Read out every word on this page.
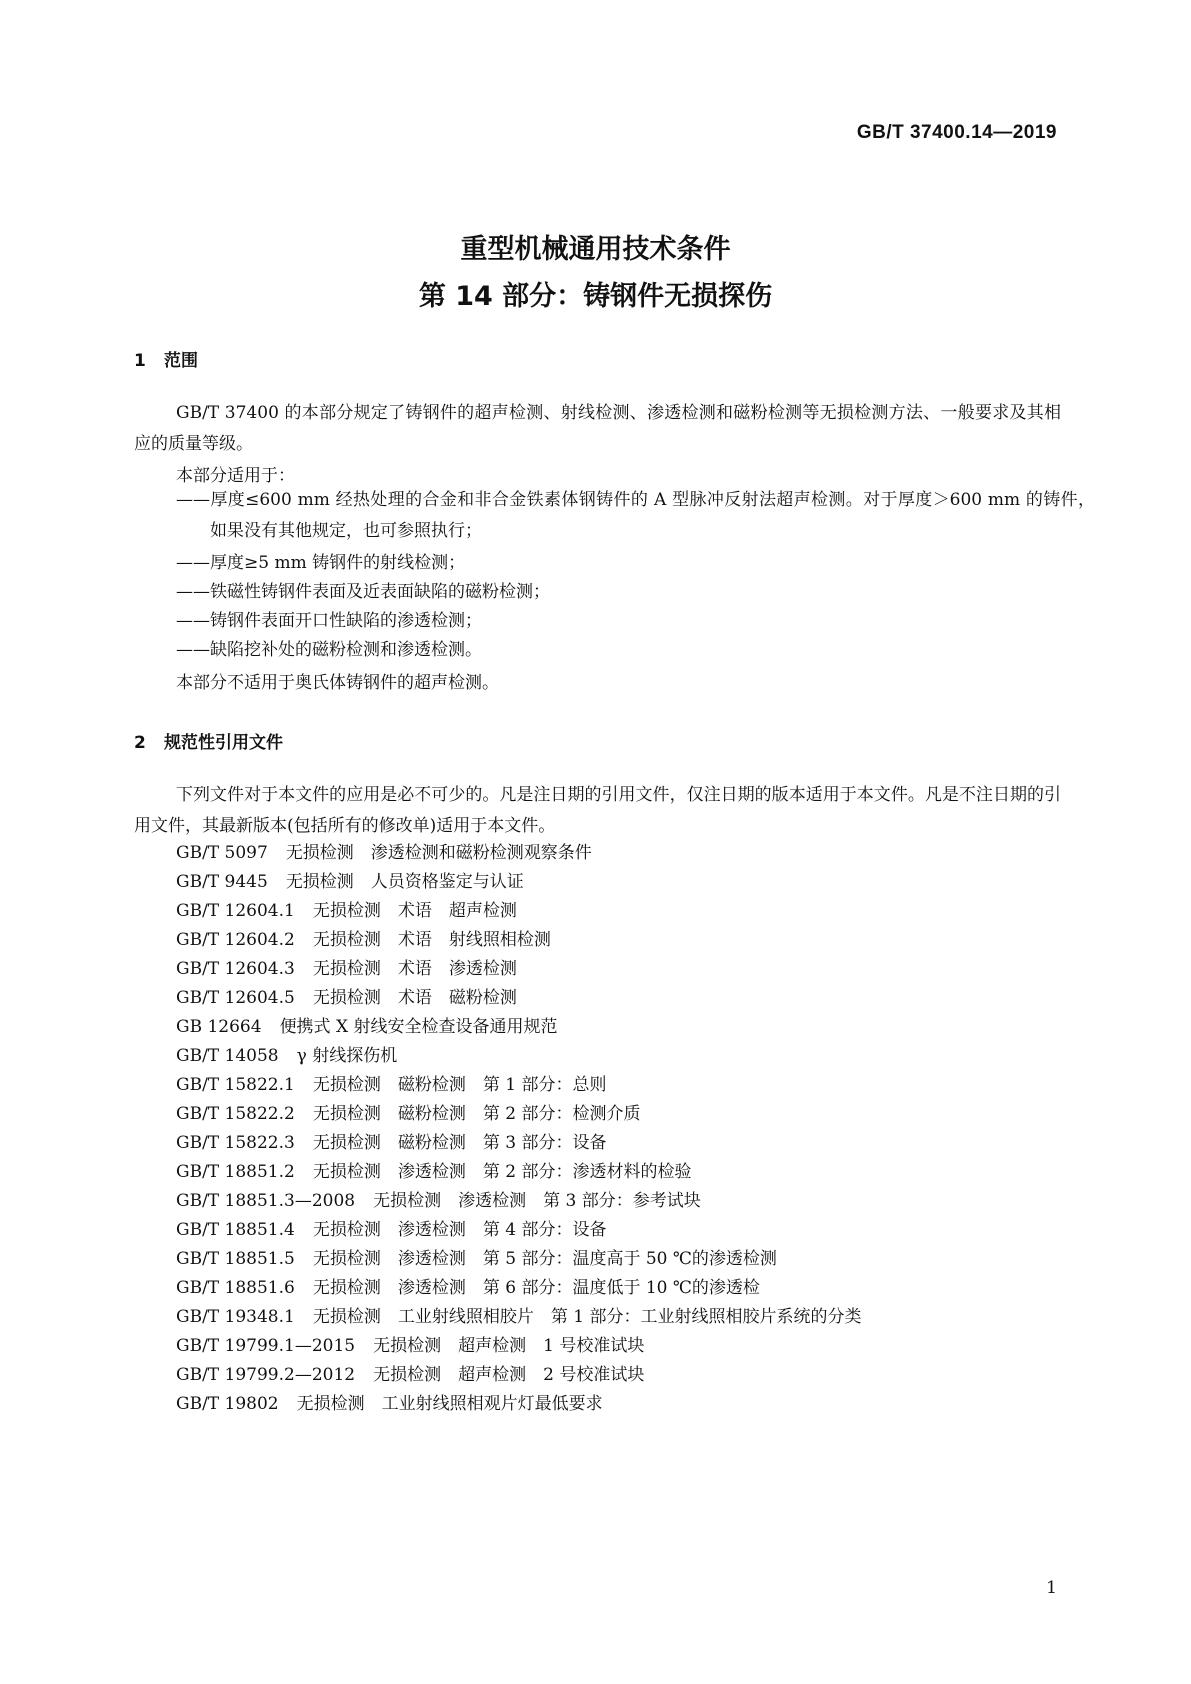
GB/T 37400.14—2019
重型机械通用技术条件
第 14 部分：铸钢件无损探伤
1 范围
GB/T 37400 的本部分规定了铸钢件的超声检测、射线检测、渗透检测和磁粉检测等无损检测方法、一般要求及其相应的质量等级。
本部分适用于：
——厚度≤600 mm 经热处理的合金和非合金铁素体钢铸件的 A 型脉冲反射法超声检测。对于厚度＞600 mm 的铸件，如果没有其他规定，也可参照执行；
——厚度≥5 mm 铸钢件的射线检测；
——铁磁性铸钢件表面及近表面缺陷的磁粉检测；
——铸钢件表面开口性缺陷的渗透检测；
——缺陷挖补处的磁粉检测和渗透检测。
本部分不适用于奥氏体铸钢件的超声检测。
2 规范性引用文件
下列文件对于本文件的应用是必不可少的。凡是注日期的引用文件，仅注日期的版本适用于本文件。凡是不注日期的引用文件，其最新版本(包括所有的修改单)适用于本文件。
GB/T 5097 无损检测　渗透检测和磁粉检测观察条件
GB/T 9445 无损检测　人员资格鉴定与认证
GB/T 12604.1 无损检测　术语　超声检测
GB/T 12604.2 无损检测　术语　射线照相检测
GB/T 12604.3 无损检测　术语　渗透检测
GB/T 12604.5 无损检测　术语　磁粉检测
GB 12664 便携式 X 射线安全检查设备通用规范
GB/T 14058 γ 射线探伤机
GB/T 15822.1 无损检测　磁粉检测　第 1 部分：总则
GB/T 15822.2 无损检测　磁粉检测　第 2 部分：检测介质
GB/T 15822.3 无损检测　磁粉检测　第 3 部分：设备
GB/T 18851.2 无损检测　渗透检测　第 2 部分：渗透材料的检验
GB/T 18851.3—2008 无损检测　渗透检测　第 3 部分：参考试块
GB/T 18851.4 无损检测　渗透检测　第 4 部分：设备
GB/T 18851.5 无损检测　渗透检测　第 5 部分：温度高于 50 ℃的渗透检测
GB/T 18851.6 无损检测　渗透检测　第 6 部分：温度低于 10 ℃的渗透检
GB/T 19348.1 无损检测　工业射线照相胶片　第 1 部分：工业射线照相胶片系统的分类
GB/T 19799.1—2015 无损检测　超声检测　1 号校准试块
GB/T 19799.2—2012 无损检测　超声检测　2 号校准试块
GB/T 19802 无损检测　工业射线照相观片灯最低要求
1
